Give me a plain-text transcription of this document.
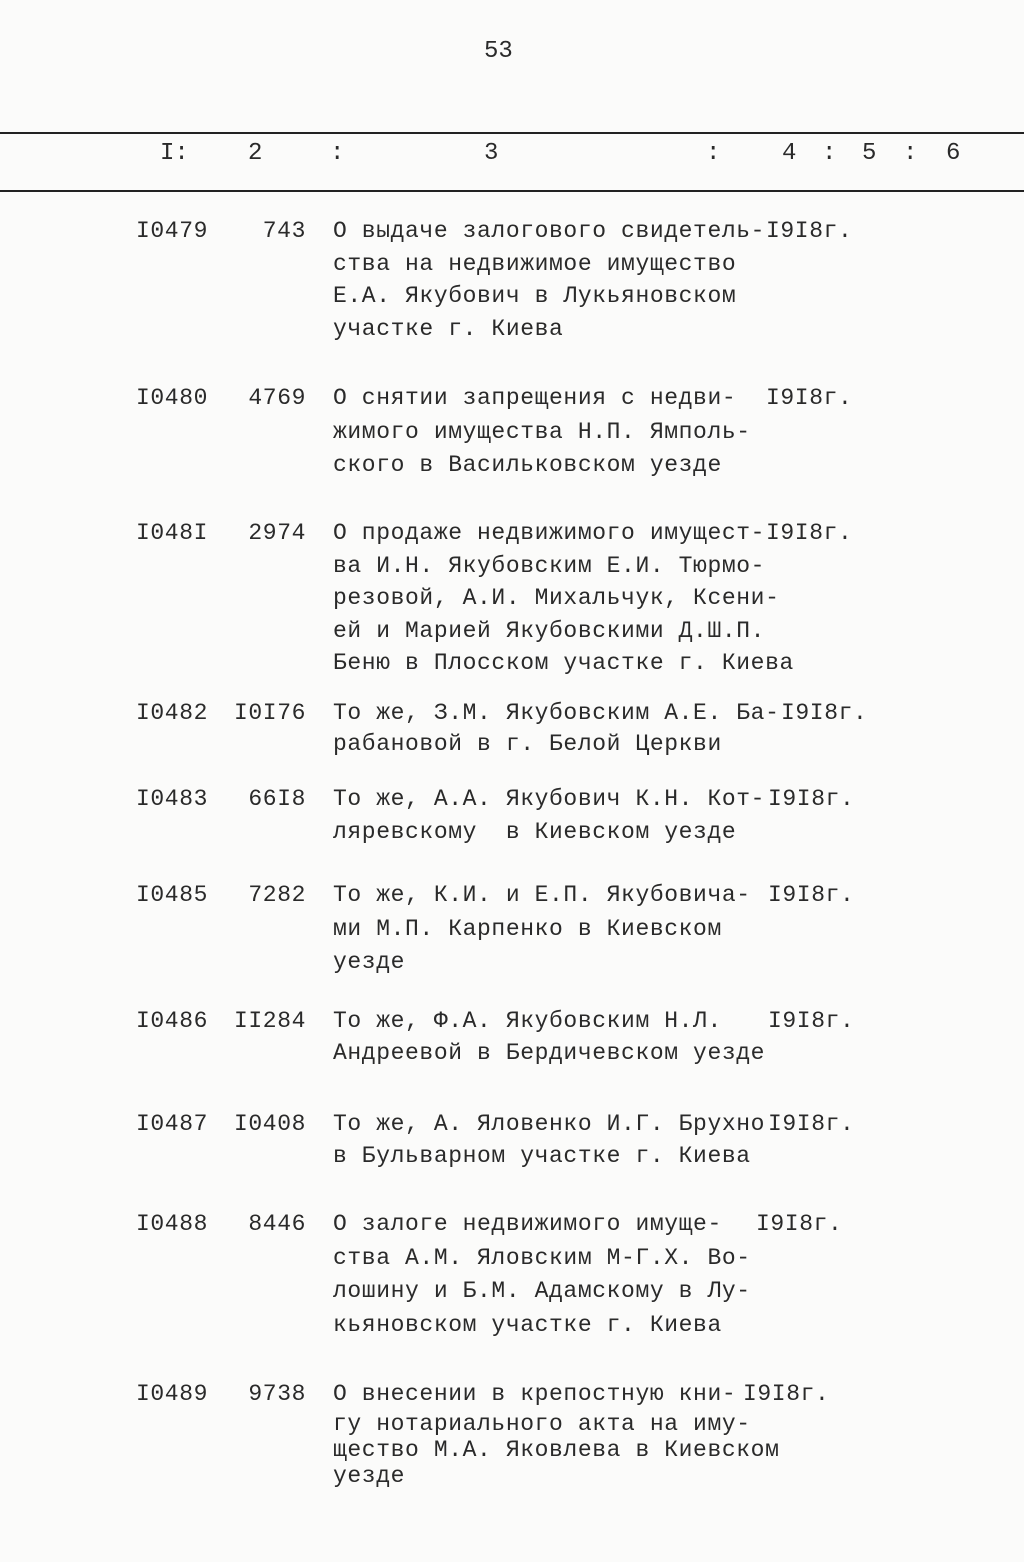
53
I: 2	:	3	:	4 : 5 : 6
I0479 743 О выдаче залогового свидетель-
ства на недвижимое имущество
Е.А. Якубович в Лукьяновском
участке г. Киева
I9I8г.
I0480 4769 О снятии запрещения с недви-
жимого имущества Н.П. Ямполь-
ского в Васильковском уезде
I9I8г.
I048I 2974 О продаже недвижимого имущест-
ва И.Н. Якубовским Е.И. Тюрмо-
резовой, А.И. Михальчук, Ксени-
ей и Марией Якубовскими Д.Ш.П.
Беню в Плосском участке г. Киева
I9I8г.
I0482 I0I76 То же, З.М. Якубовским А.Е. Ба-
рабановой в г. Белой Церкви
I9I8г.
I0483 66I8 То же, А.А. Якубович К.Н. Кот-
ляревскому  в Киевском уезде
I9I8г.
I0485 7282 То же, К.И. и Е.П. Якубовича-
ми М.П. Карпенко в Киевском
уезде
I9I8г.
I0486 II284 То же, Ф.А. Якубовским Н.Л.
Андреевой в Бердичевском уезде
I9I8г.
I0487 I0408 То же, А. Яловенко И.Г. Брухно
в Бульварном участке г. Киева
I9I8г.
I0488 8446 О залоге недвижимого имуще-
ства А.М. Яловским М-Г.Х. Во-
лошину и Б.М. Адамскому в Лу-
кьяновском участке г. Киева
I9I8г.
I0489 9738 О внесении в крепостную кни-
гу нотариального акта на иму-
щество М.А. Яковлева в Киевском
уезде
I9I8г.
